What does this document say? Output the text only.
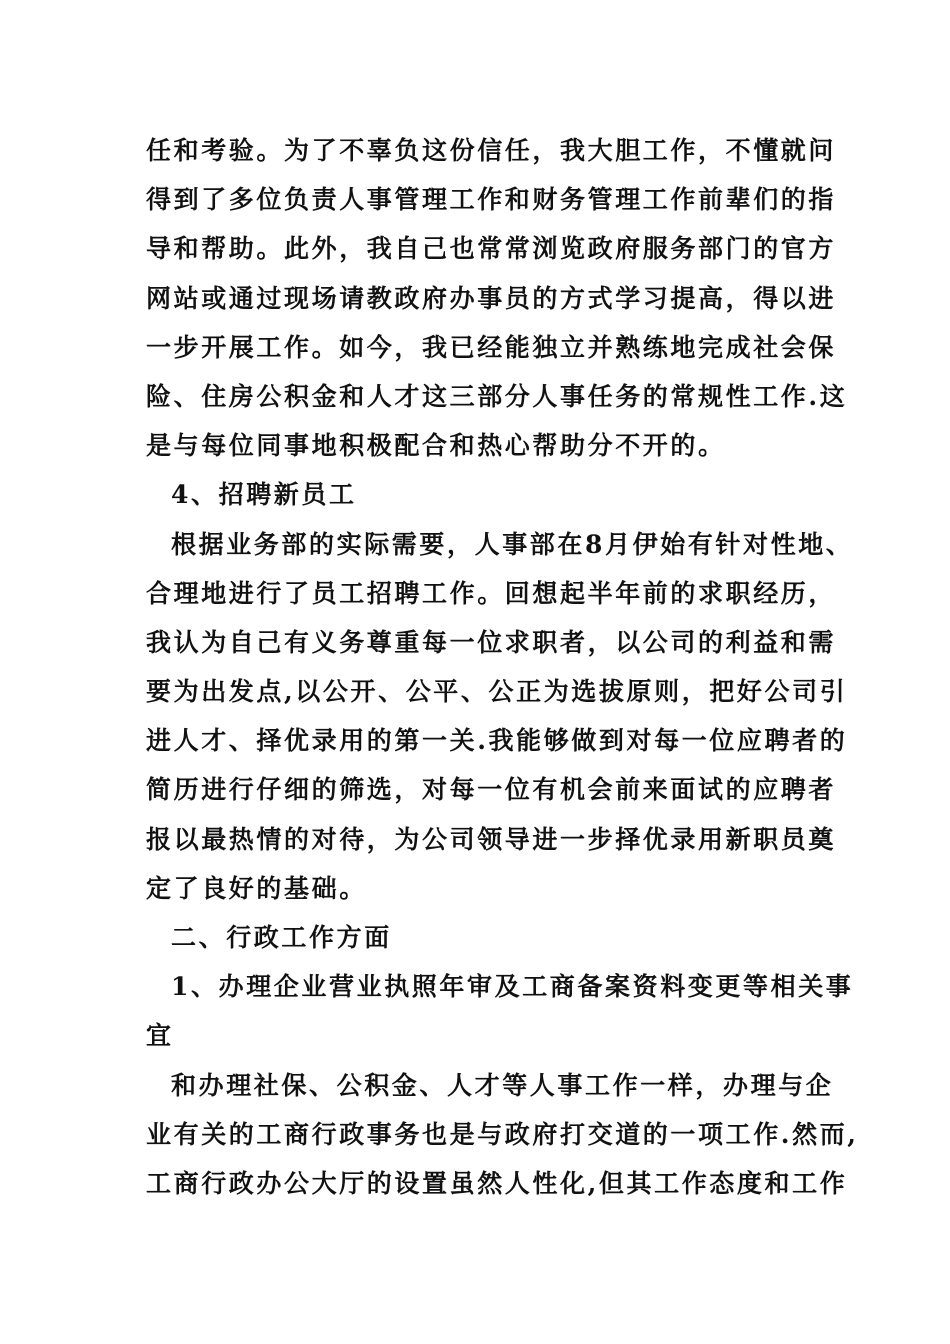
任和考验。为了不辜负这份信任，我大胆工作，不懂就问
得到了多位负责人事管理工作和财务管理工作前辈们的指
导和帮助。此外，我自己也常常浏览政府服务部门的官方
网站或通过现场请教政府办事员的方式学习提高，得以进
一步开展工作。如今，我已经能独立并熟练地完成社会保
险、住房公积金和人才这三部分人事任务的常规性工作.这
是与每位同事地积极配合和热心帮助分不开的。
4、招聘新员工
根据业务部的实际需要，人事部在8月伊始有针对性地、
合理地进行了员工招聘工作。回想起半年前的求职经历，
我认为自己有义务尊重每一位求职者，以公司的利益和需
要为出发点,以公开、公平、公正为选拔原则，把好公司引
进人才、择优录用的第一关.我能够做到对每一位应聘者的
简历进行仔细的筛选，对每一位有机会前来面试的应聘者
报以最热情的对待，为公司领导进一步择优录用新职员奠
定了良好的基础。
二、行政工作方面
1、办理企业营业执照年审及工商备案资料变更等相关事
宜
和办理社保、公积金、人才等人事工作一样，办理与企
业有关的工商行政事务也是与政府打交道的一项工作.然而,
工商行政办公大厅的设置虽然人性化,但其工作态度和工作
